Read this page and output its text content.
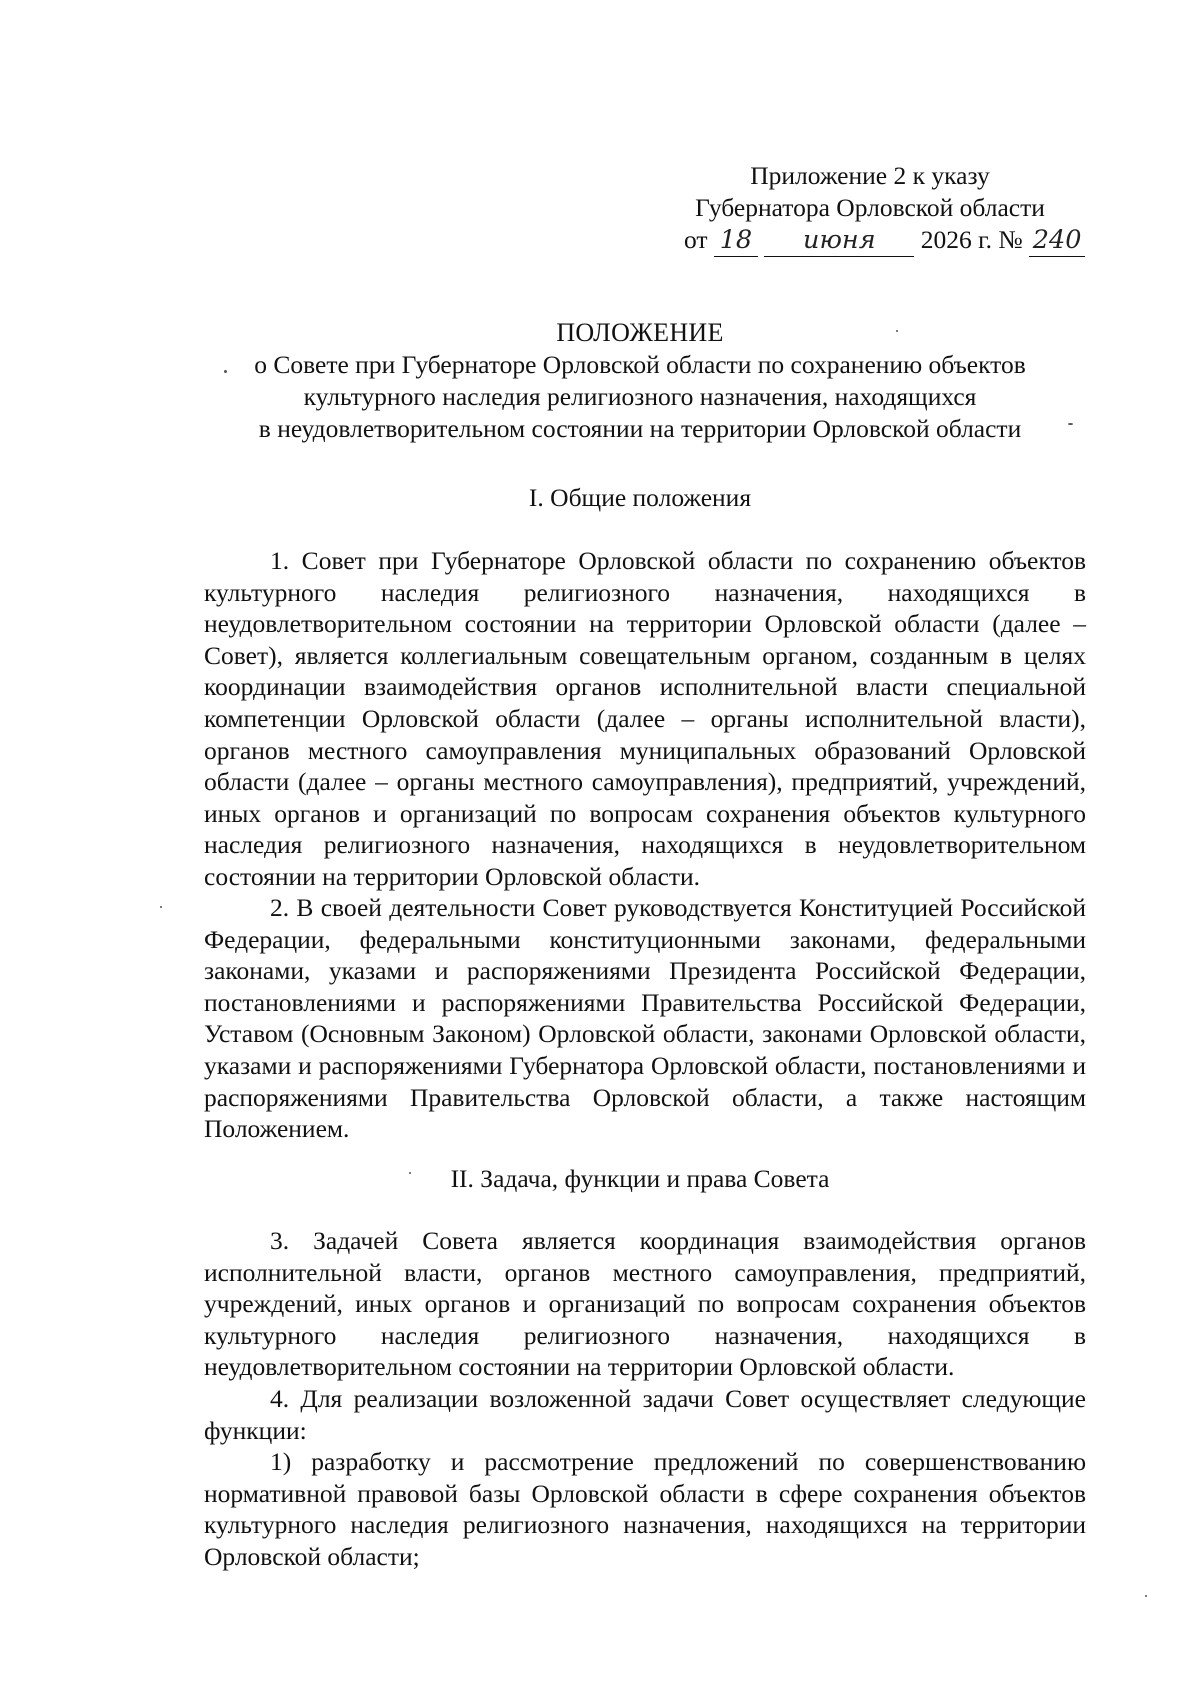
Приложение 2 к указу
Губернатора Орловской области
от 18 июня 2026 г. № 240
ПОЛОЖЕНИЕ
о Совете при Губернаторе Орловской области по сохранению объектов
культурного наследия религиозного назначения, находящихся
в неудовлетворительном состоянии на территории Орловской области
I. Общие положения

1. Совет при Губернаторе Орловской области по сохранению объектов культурного наследия религиозного назначения, находящихся в неудовлетворительном состоянии на территории Орловской области (далее – Совет), является коллегиальным совещательным органом, созданным в целях координации взаимодействия органов исполнительной власти специальной компетенции Орловской области (далее – органы исполнительной власти), органов местного самоуправления муниципальных образований Орловской области (далее – органы местного самоуправления), предприятий, учреждений, иных органов и организаций по вопросам сохранения объектов культурного наследия религиозного назначения, находящихся в неудовлетворительном состоянии на территории Орловской области.

2. В своей деятельности Совет руководствуется Конституцией Российской Федерации, федеральными конституционными законами, федеральными законами, указами и распоряжениями Президента Российской Федерации, постановлениями и распоряжениями Правительства Российской Федерации, Уставом (Основным Законом) Орловской области, законами Орловской области, указами и распоряжениями Губернатора Орловской области, постановлениями и распоряжениями Правительства Орловской области, а также настоящим Положением.

II. Задача, функции и права Совета

3. Задачей Совета является координация взаимодействия органов исполнительной власти, органов местного самоуправления, предприятий, учреждений, иных органов и организаций по вопросам сохранения объектов культурного наследия религиозного назначения, находящихся в неудовлетворительном состоянии на территории Орловской области.

4. Для реализации возложенной задачи Совет осуществляет следующие функции:

1) разработку и рассмотрение предложений по совершенствованию нормативной правовой базы Орловской области в сфере сохранения объектов культурного наследия религиозного назначения, находящихся на территории Орловской области;
